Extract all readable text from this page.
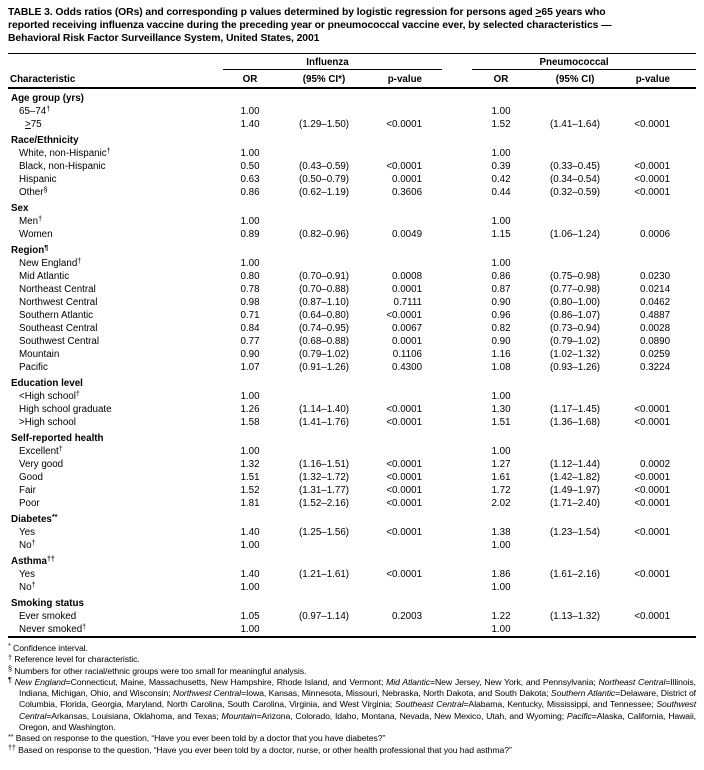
TABLE 3. Odds ratios (ORs) and corresponding p values determined by logistic regression for persons aged ≥65 years who
reported receiving influenza vaccine during the preceding year or pneumococcal vaccine ever, by selected characteristics —
Behavioral Risk Factor Surveillance System, United States, 2001
	Influenza				Pneumococcal		
Characteristic	OR	(95% CI*)	p-value		OR	(95% CI)	p-value
Age group (yrs)							
65–74†	1.00				1.00		
≥75	1.40	(1.29–1.50)	<0.0001		1.52	(1.41–1.64)	<0.0001
Race/Ethnicity							
White, non-Hispanic†	1.00				1.00		
Black, non-Hispanic	0.50	(0.43–0.59)	<0.0001		0.39	(0.33–0.45)	<0.0001
Hispanic	0.63	(0.50–0.79)	0.0001		0.42	(0.34–0.54)	<0.0001
Other§	0.86	(0.62–1.19)	0.3606		0.44	(0.32–0.59)	<0.0001
Sex							
Men†	1.00				1.00		
Women	0.89	(0.82–0.96)	0.0049		1.15	(1.06–1.24)	0.0006
Region¶
New England†	1.00				1.00		
Mid Atlantic	0.80	(0.70–0.91)	0.0008		0.86	(0.75–0.98)	0.0230
Northeast Central	0.78	(0.70–0.88)	0.0001		0.87	(0.77–0.98)	0.0214
Northwest Central	0.98	(0.87–1.10)	0.7111		0.90	(0.80–1.00)	0.0462
Southern Atlantic	0.71	(0.64–0.80)	<0.0001		0.96	(0.86–1.07)	0.4887
Southeast Central	0.84	(0.74–0.95)	0.0067		0.82	(0.73–0.94)	0.0028
Southwest Central	0.77	(0.68–0.88)	0.0001		0.90	(0.79–1.02)	0.0890
Mountain	0.90	(0.79–1.02)	0.1106		1.16	(1.02–1.32)	0.0259
Pacific	1.07	(0.91–1.26)	0.4300		1.08	(0.93–1.26)	0.3224
Education level							
<High school†	1.00				1.00		
High school graduate	1.26	(1.14–1.40)	<0.0001		1.30	(1.17–1.45)	<0.0001
>High school	1.58	(1.41–1.76)	<0.0001		1.51	(1.36–1.68)	<0.0001
Self-reported health							
Excellent†	1.00				1.00		
Very good	1.32	(1.16–1.51)	<0.0001		1.27	(1.12–1.44)	0.0002
Good	1.51	(1.32–1.72)	<0.0001		1.61	(1.42–1.82)	<0.0001
Fair	1.52	(1.31–1.77)	<0.0001		1.72	(1.49–1.97)	<0.0001
Poor	1.81	(1.52–2.16)	<0.0001		2.02	(1.71–2.40)	<0.0001
Diabetes**
Yes	1.40	(1.25–1.56)	<0.0001		1.38	(1.23–1.54)	<0.0001
No†	1.00				1.00		
Asthma††
Yes	1.40	(1.21–1.61)	<0.0001		1.86	(1.61–2.16)	<0.0001
No†	1.00				1.00		
Smoking status							
Ever smoked	1.05	(0.97–1.14)	0.2003		1.22	(1.13–1.32)	<0.0001
Never smoked†	1.00				1.00		
* Confidence interval.
† Reference level for characteristic.
§ Numbers for other racial/ethnic groups were too small for meaningful analysis.
¶ New England=Connecticut, Maine, Massachusetts, New Hampshire, Rhode Island, and Vermont; Mid Atlantic=New Jersey, New York, and Pennsylvania; Northeast Central=Illinois, Indiana, Michigan, Ohio, and Wisconsin; Northwest Central=Iowa, Kansas, Minnesota, Missouri, Nebraska, North Dakota, and South Dakota; Southern Atlantic=Delaware, District of Columbia, Florida, Georgia, Maryland, North Carolina, South Carolina, Virginia, and West Virginia; Southeast Central=Alabama, Kentucky, Mississippi, and Tennessee; Southwest Central=Arkansas, Louisiana, Oklahoma, and Texas; Mountain=Arizona, Colorado, Idaho, Montana, Nevada, New Mexico, Utah, and Wyoming; Pacific=Alaska, California, Hawaii, Oregon, and Washington.
** Based on response to the question, “Have you ever been told by a doctor that you have diabetes?”
†† Based on response to the question, “Have you ever been told by a doctor, nurse, or other health professional that you had asthma?”
